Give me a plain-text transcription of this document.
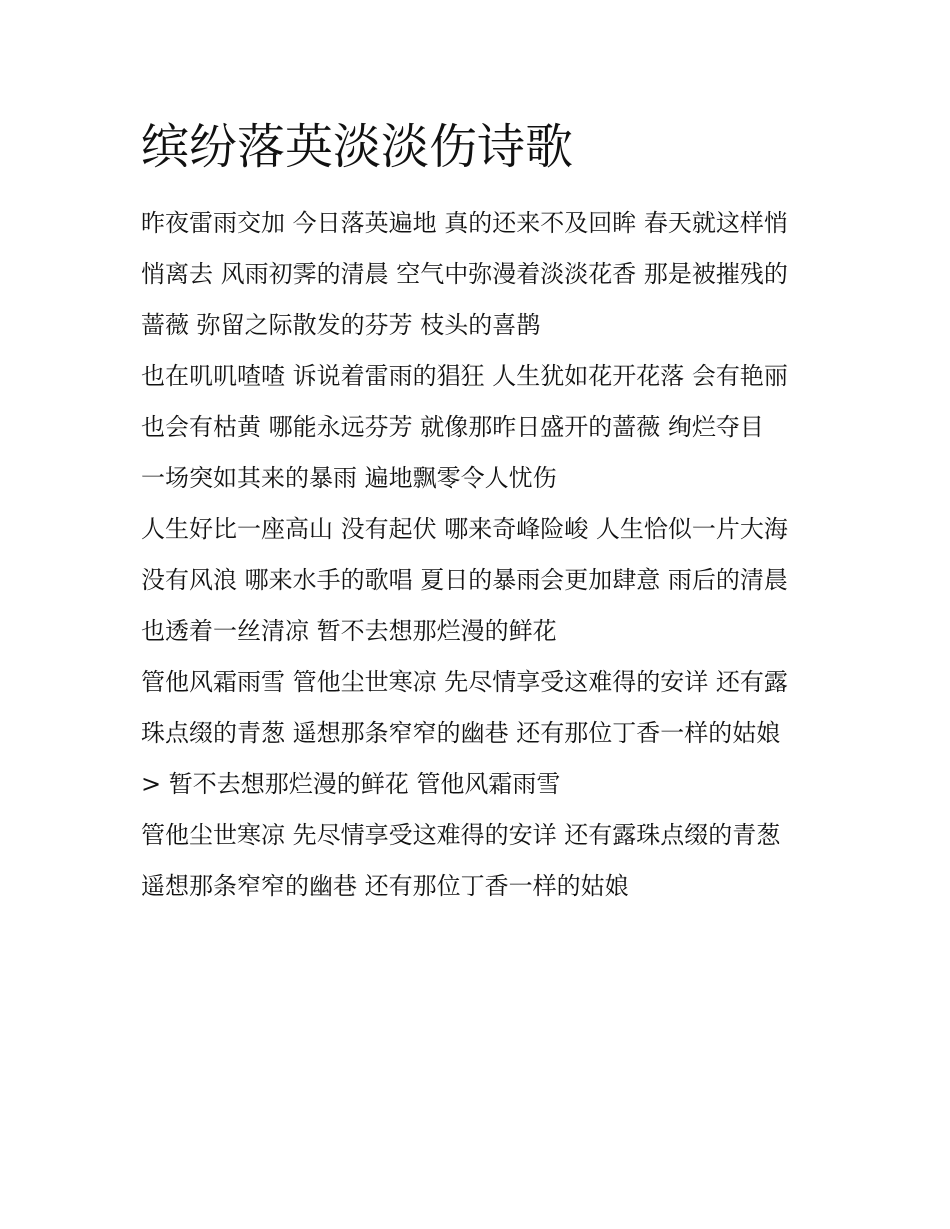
缤纷落英淡淡伤诗歌
昨夜雷雨交加 今日落英遍地 真的还来不及回眸 春天就这样悄
悄离去 风雨初霁的清晨 空气中弥漫着淡淡花香 那是被摧残的
蔷薇 弥留之际散发的芬芳 枝头的喜鹊
也在叽叽喳喳 诉说着雷雨的猖狂 人生犹如花开花落 会有艳丽
也会有枯黄 哪能永远芬芳 就像那昨日盛开的蔷薇 绚烂夺目
一场突如其来的暴雨 遍地飘零令人忧伤
人生好比一座高山 没有起伏 哪来奇峰险峻 人生恰似一片大海
没有风浪 哪来水手的歌唱 夏日的暴雨会更加肆意 雨后的清晨
也透着一丝清凉 暂不去想那烂漫的鲜花
管他风霜雨雪 管他尘世寒凉 先尽情享受这难得的安详 还有露
珠点缀的青葱 遥想那条窄窄的幽巷 还有那位丁香一样的姑娘
> 暂不去想那烂漫的鲜花 管他风霜雨雪
管他尘世寒凉 先尽情享受这难得的安详 还有露珠点缀的青葱
遥想那条窄窄的幽巷 还有那位丁香一样的姑娘
